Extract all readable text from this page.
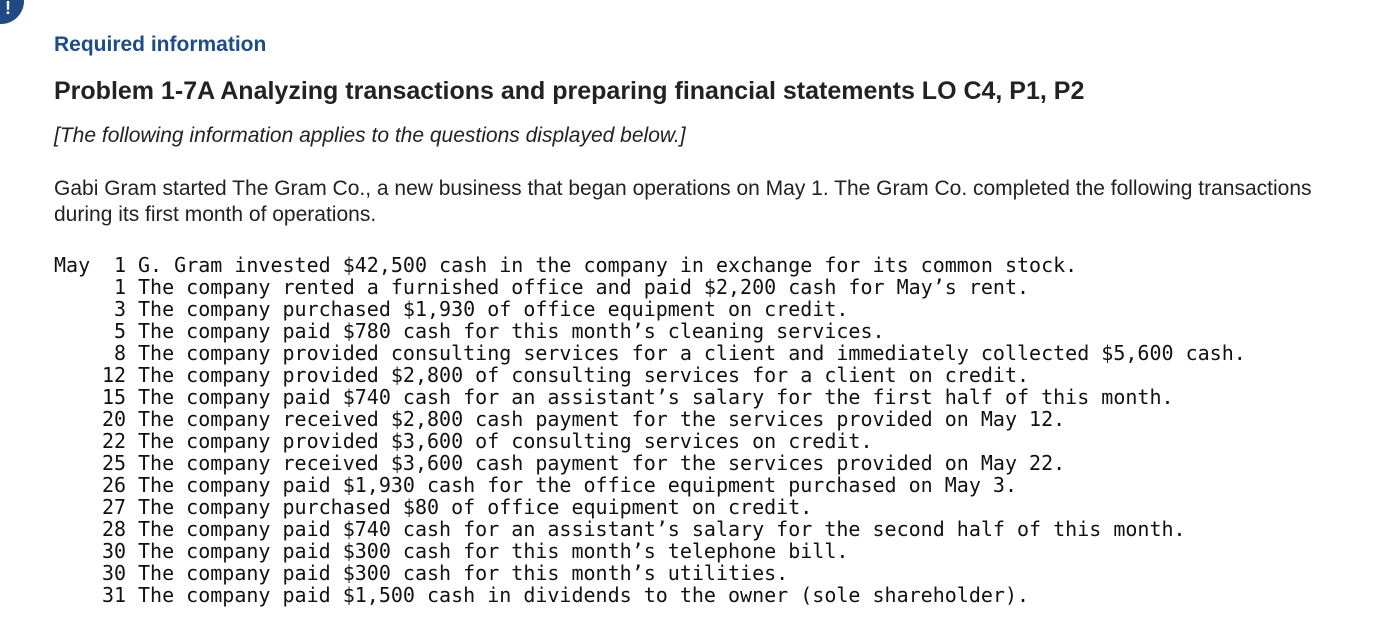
!
Required information
Problem 1-7A Analyzing transactions and preparing financial statements LO C4, P1, P2
[The following information applies to the questions displayed below.]
Gabi Gram started The Gram Co., a new business that began operations on May 1. The Gram Co. completed the following transactions during its first month of operations.
May 1 G. Gram invested $42,500 cash in the company in exchange for its common stock.
1 The company rented a furnished office and paid $2,200 cash for May’s rent.
3 The company purchased $1,930 of office equipment on credit.
5 The company paid $780 cash for this month’s cleaning services.
8 The company provided consulting services for a client and immediately collected $5,600 cash.
12 The company provided $2,800 of consulting services for a client on credit.
15 The company paid $740 cash for an assistant’s salary for the first half of this month.
20 The company received $2,800 cash payment for the services provided on May 12.
22 The company provided $3,600 of consulting services on credit.
25 The company received $3,600 cash payment for the services provided on May 22.
26 The company paid $1,930 cash for the office equipment purchased on May 3.
27 The company purchased $80 of office equipment on credit.
28 The company paid $740 cash for an assistant’s salary for the second half of this month.
30 The company paid $300 cash for this month’s telephone bill.
30 The company paid $300 cash for this month’s utilities.
31 The company paid $1,500 cash in dividends to the owner (sole shareholder).
